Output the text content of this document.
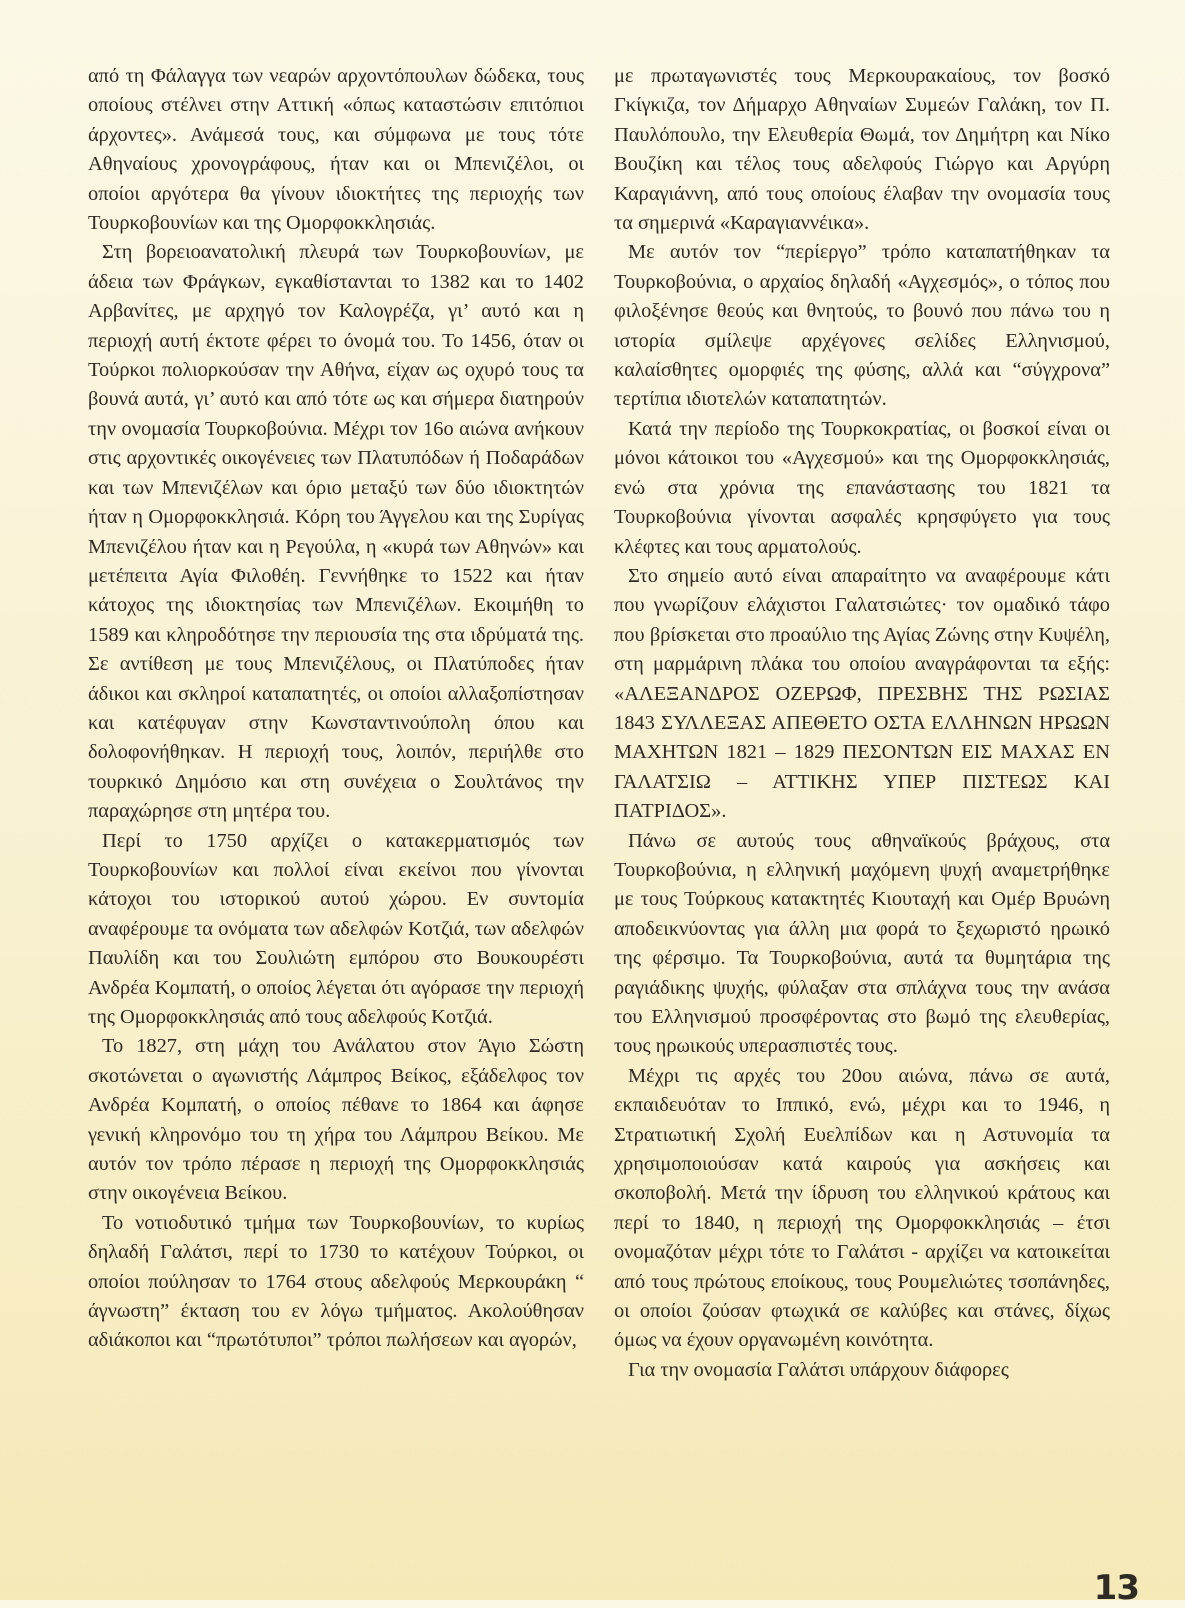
από τη Φάλαγγα των νεαρών αρχοντόπουλων δώδεκα, τους οποίους στέλνει στην Αττική «όπως καταστώσιν επιτόπιοι άρχοντες». Ανάμεσά τους, και σύμφωνα με τους τότε Αθηναίους χρονογράφους, ήταν και οι Μπενιζέλοι, οι οποίοι αργότερα θα γίνουν ιδιοκτήτες της περιοχής των Τουρκοβουνίων και της Ομορφοκκλησιάς.

Στη βορειοανατολική πλευρά των Τουρκοβουνίων, με άδεια των Φράγκων, εγκαθίστανται το 1382 και το 1402 Αρβανίτες, με αρχηγό τον Καλογρέζα, γι’ αυτό και η περιοχή αυτή έκτοτε φέρει το όνομά του. Το 1456, όταν οι Τούρκοι πολιορκούσαν την Αθήνα, είχαν ως οχυρό τους τα βουνά αυτά, γι’ αυτό και από τότε ως και σήμερα διατηρούν την ονομασία Τουρκοβούνια. Μέχρι τον 16ο αιώνα ανήκουν στις αρχοντικές οικογένειες των Πλατυπόδων ή Ποδαράδων και των Μπενιζέλων και όριο μεταξύ των δύο ιδιοκτητών ήταν η Ομορφοκκλησιά. Κόρη του Άγγελου και της Συρίγας Μπενιζέλου ήταν και η Ρεγούλα, η «κυρά των Αθηνών» και μετέπειτα Αγία Φιλοθέη. Γεννήθηκε το 1522 και ήταν κάτοχος της ιδιοκτησίας των Μπενιζέλων. Εκοιμήθη το 1589 και κληροδότησε την περιουσία της στα ιδρύματά της. Σε αντίθεση με τους Μπενιζέλους, οι Πλατύποδες ήταν άδικοι και σκληροί καταπατητές, οι οποίοι αλλαξοπίστησαν και κατέφυγαν στην Κωνσταντινούπολη όπου και δολοφονήθηκαν. Η περιοχή τους, λοιπόν, περιήλθε στο τουρκικό Δημόσιο και στη συνέχεια ο Σουλτάνος την παραχώρησε στη μητέρα του.

Περί το 1750 αρχίζει ο κατακερματισμός των Τουρκοβουνίων και πολλοί είναι εκείνοι που γίνονται κάτοχοι του ιστορικού αυτού χώρου. Εν συντομία αναφέρουμε τα ονόματα των αδελφών Κοτζιά, των αδελφών Παυλίδη και του Σουλιώτη εμπόρου στο Βουκουρέστι Ανδρέα Κομπατή, ο οποίος λέγεται ότι αγόρασε την περιοχή της Ομορφοκκλησιάς από τους αδελφούς Κοτζιά.

Το 1827, στη μάχη του Ανάλατου στον Άγιο Σώστη σκοτώνεται ο αγωνιστής Λάμπρος Βείκος, εξάδελφος τον Ανδρέα Κομπατή, ο οποίος πέθανε το 1864 και άφησε γενική κληρονόμο του τη χήρα του Λάμπρου Βείκου. Με αυτόν τον τρόπο πέρασε η περιοχή της Ομορφοκκλησιάς στην οικογένεια Βείκου.

Το νοτιοδυτικό τμήμα των Τουρκοβουνίων, το κυρίως δηλαδή Γαλάτσι, περί το 1730 το κατέχουν Τούρκοι, οι οποίοι πούλησαν το 1764 στους αδελφούς Μερκουράκη “ άγνωστη” έκταση του εν λόγω τμήματος. Ακολούθησαν αδιάκοποι και “πρωτότυποι” τρόποι πωλήσεων και αγορών,

με πρωταγωνιστές τους Μερκουρακαίους, τον βοσκό Γκίγκιζα, τον Δήμαρχο Αθηναίων Συμεών Γαλάκη, τον Π. Παυλόπουλο, την Ελευθερία Θωμά, τον Δημήτρη και Νίκο Βουζίκη και τέλος τους αδελφούς Γιώργο και Αργύρη Καραγιάννη, από τους οποίους έλαβαν την ονομασία τους τα σημερινά «Καραγιαννέικα».

Με αυτόν τον “περίεργο” τρόπο καταπατήθηκαν τα Τουρκοβούνια, ο αρχαίος δηλαδή «Αγχεσμός», ο τόπος που φιλοξένησε θεούς και θνητούς, το βουνό που πάνω του η ιστορία σμίλεψε αρχέγονες σελίδες Ελληνισμού, καλαίσθητες ομορφιές της φύσης, αλλά και “σύγχρονα” τερτίπια ιδιοτελών καταπατητών.

Κατά την περίοδο της Τουρκοκρατίας, οι βοσκοί είναι οι μόνοι κάτοικοι του «Αγχεσμού» και της Ομορφοκκλησιάς, ενώ στα χρόνια της επανάστασης του 1821 τα Τουρκοβούνια γίνονται ασφαλές κρησφύγετο για τους κλέφτες και τους αρματολούς.

Στο σημείο αυτό είναι απαραίτητο να αναφέρουμε κάτι που γνωρίζουν ελάχιστοι Γαλατσιώτες· τον ομαδικό τάφο που βρίσκεται στο προαύλιο της Αγίας Ζώνης στην Κυψέλη, στη μαρμάρινη πλάκα του οποίου αναγράφονται τα εξής: «ΑΛΕΞΑΝΔΡΟΣ ΟΖΕΡΩΦ, ΠΡΕΣΒΗΣ ΤΗΣ ΡΩΣΙΑΣ 1843 ΣΥΛΛΕΞΑΣ ΑΠΕΘΕΤΟ ΟΣΤΑ ΕΛΛΗΝΩΝ ΗΡΩΩΝ ΜΑΧΗΤΩΝ 1821 – 1829 ΠΕΣΟΝΤΩΝ ΕΙΣ ΜΑΧΑΣ ΕΝ ΓΑΛΑΤΣΙΩ – ΑΤΤΙΚΗΣ ΥΠΕΡ ΠΙΣΤΕΩΣ ΚΑΙ ΠΑΤΡΙΔΟΣ».

Πάνω σε αυτούς τους αθηναϊκούς βράχους, στα Τουρκοβούνια, η ελληνική μαχόμενη ψυχή αναμετρήθηκε με τους Τούρκους κατακτητές Κιουταχή και Ομέρ Βρυώνη αποδεικνύοντας για άλλη μια φορά το ξεχωριστό ηρωικό της φέρσιμο. Τα Τουρκοβούνια, αυτά τα θυμητάρια της ραγιάδικης ψυχής, φύλαξαν στα σπλάχνα τους την ανάσα του Ελληνισμού προσφέροντας στο βωμό της ελευθερίας, τους ηρωικούς υπερασπιστές τους.

Μέχρι τις αρχές του 20ου αιώνα, πάνω σε αυτά, εκπαιδευόταν το Ιππικό, ενώ, μέχρι και το 1946, η Στρατιωτική Σχολή Ευελπίδων και η Αστυνομία τα χρησιμοποιούσαν κατά καιρούς για ασκήσεις και σκοποβολή. Μετά την ίδρυση του ελληνικού κράτους και περί το 1840, η περιοχή της Ομορφοκκλησιάς – έτσι ονομαζόταν μέχρι τότε το Γαλάτσι - αρχίζει να κατοικείται από τους πρώτους εποίκους, τους Ρουμελιώτες τσοπάνηδες, οι οποίοι ζούσαν φτωχικά σε καλύβες και στάνες, δίχως όμως να έχουν οργανωμένη κοινότητα.

Για την ονομασία Γαλάτσι υπάρχουν διάφορες

13
